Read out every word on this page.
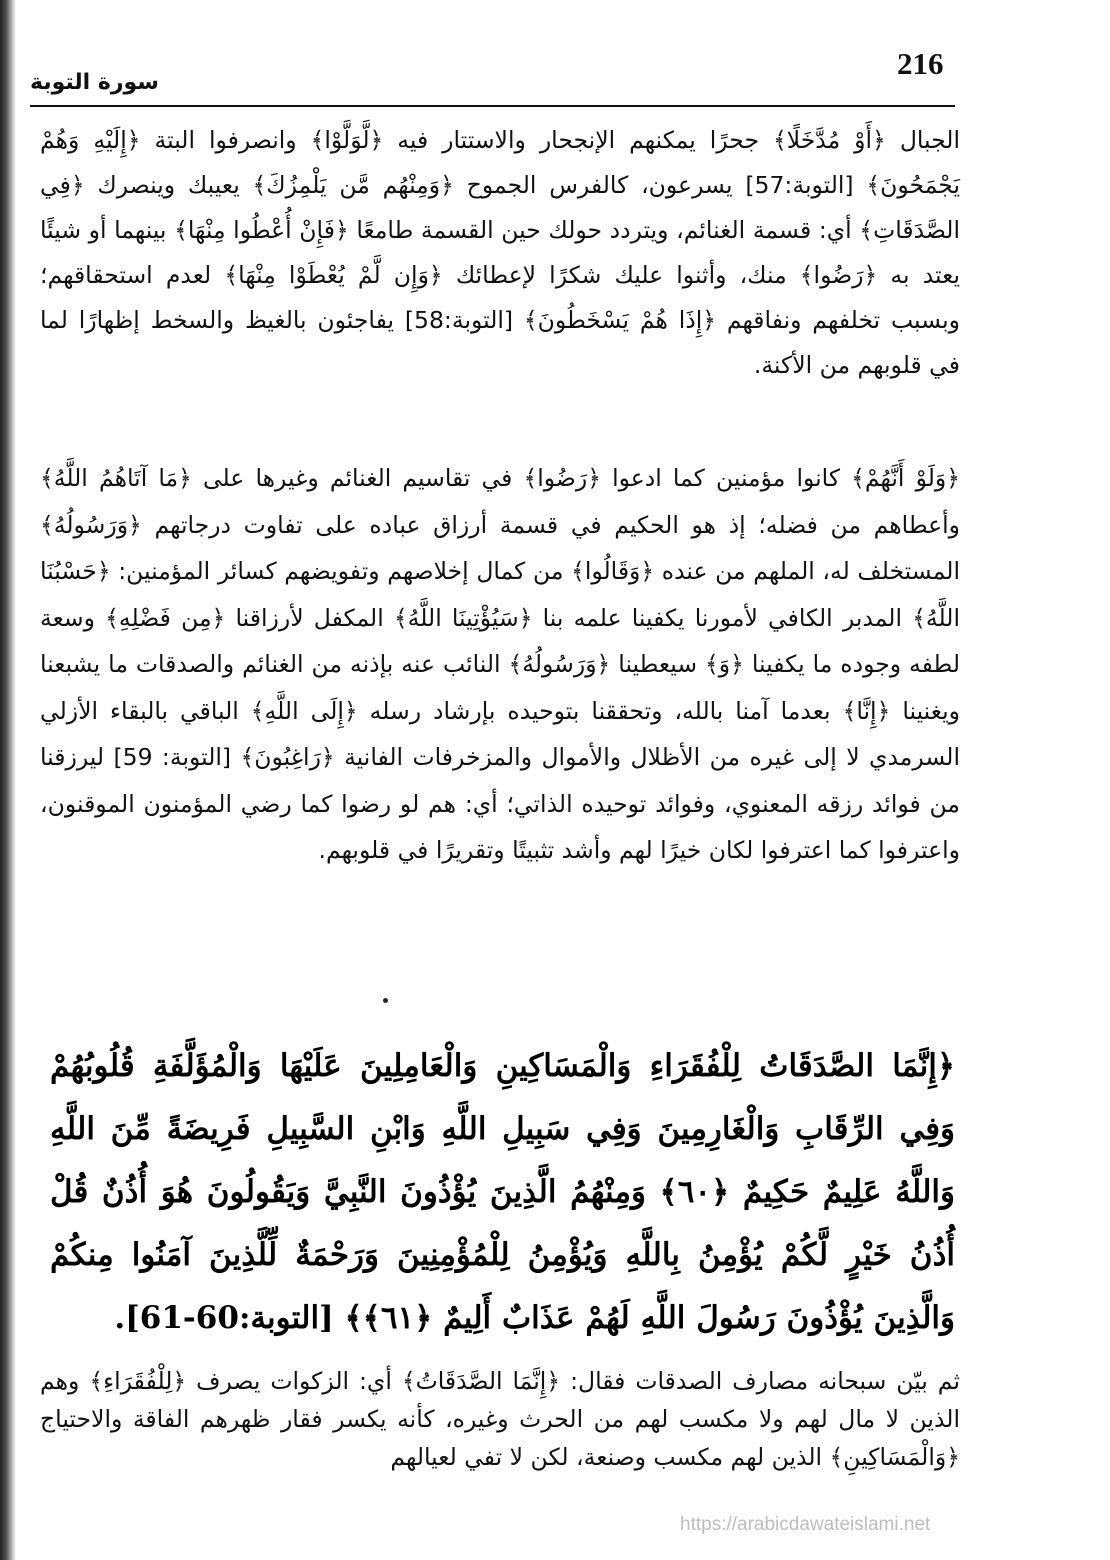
216
سورة التوبة

الجبال ﴿أَوْ مُدَّخَلًا﴾ جحرًا يمكنهم الإنجحار والاستتار فيه ﴿لَّوَلَّوْا﴾ وانصرفوا البتة ﴿إِلَيْهِ وَهُمْ يَجْمَحُونَ﴾ [التوبة:57] يسرعون، كالفرس الجموح ﴿وَمِنْهُم مَّن يَلْمِزُكَ﴾ يعيبك وينصرك ﴿فِي الصَّدَقَاتِ﴾ أي: قسمة الغنائم، ويتردد حولك حين القسمة طامعًا ﴿فَإِنْ أُعْطُوا مِنْهَا﴾ بينهما أو شيئًا يعتد به ﴿رَضُوا﴾ منك، وأثنوا عليك شكرًا لإعطائك ﴿وَإِن لَّمْ يُعْطَوْا مِنْهَا﴾ لعدم استحقاقهم؛ وبسبب تخلفهم ونفاقهم ﴿إِذَا هُمْ يَسْخَطُونَ﴾ [التوبة:58] يفاجئون بالغيظ والسخط إظهارًا لما في قلوبهم من الأكنة.

﴿وَلَوْ أَنَّهُمْ﴾ كانوا مؤمنين كما ادعوا ﴿رَضُوا﴾ في تقاسيم الغنائم وغيرها على ﴿مَا آتَاهُمُ اللَّهُ﴾ وأعطاهم من فضله؛ إذ هو الحكيم في قسمة أرزاق عباده على تفاوت درجاتهم ﴿وَرَسُولُهُ﴾ المستخلف له، الملهم من عنده ﴿وَقَالُوا﴾ من كمال إخلاصهم وتفويضهم كسائر المؤمنين: ﴿حَسْبُنَا اللَّهُ﴾ المدبر الكافي لأمورنا يكفينا علمه بنا ﴿سَيُؤْتِينَا اللَّهُ﴾ المكفل لأرزاقنا ﴿مِن فَضْلِهِ﴾ وسعة لطفه وجوده ما يكفينا ﴿وَ﴾ سيعطينا ﴿وَرَسُولُهُ﴾ النائب عنه بإذنه من الغنائم والصدقات ما يشبعنا ويغنينا ﴿إِنَّا﴾ بعدما آمنا بالله، وتحققنا بتوحيده بإرشاد رسله ﴿إِلَى اللَّهِ﴾ الباقي بالبقاء الأزلي السرمدي لا إلى غيره من الأظلال والأموال والمزخرفات الفانية ﴿رَاغِبُونَ﴾ [التوبة: 59] ليرزقنا من فوائد رزقه المعنوي، وفوائد توحيده الذاتي؛ أي: هم لو رضوا كما رضي المؤمنون الموقنون، واعترفوا كما اعترفوا لكان خيرًا لهم وأشد تثبيتًا وتقريرًا في قلوبهم.

﴿إِنَّمَا الصَّدَقَاتُ لِلْفُقَرَاءِ وَالْمَسَاكِينِ وَالْعَامِلِينَ عَلَيْهَا وَالْمُؤَلَّفَةِ قُلُوبُهُمْ وَفِي الرِّقَابِ وَالْغَارِمِينَ وَفِي سَبِيلِ اللَّهِ وَابْنِ السَّبِيلِ فَرِيضَةً مِّنَ اللَّهِ وَاللَّهُ عَلِيمٌ حَكِيمٌ ﴿٦٠﴾ وَمِنْهُمُ الَّذِينَ يُؤْذُونَ النَّبِيَّ وَيَقُولُونَ هُوَ أُذُنٌ قُلْ أُذُنُ خَيْرٍ لَّكُمْ يُؤْمِنُ بِاللَّهِ وَيُؤْمِنُ لِلْمُؤْمِنِينَ وَرَحْمَةٌ لِّلَّذِينَ آمَنُوا مِنكُمْ وَالَّذِينَ يُؤْذُونَ رَسُولَ اللَّهِ لَهُمْ عَذَابٌ أَلِيمٌ ﴿٦١﴾﴾ [التوبة:60-61].

ثم بيّن سبحانه مصارف الصدقات فقال: ﴿إِنَّمَا الصَّدَقَاتُ﴾ أي: الزكوات يصرف ﴿لِلْفُقَرَاءِ﴾ وهم الذين لا مال لهم ولا مكسب لهم من الحرث وغيره، كأنه يكسر فقار ظهرهم الفاقة والاحتياج ﴿وَالْمَسَاكِينِ﴾ الذين لهم مكسب وصنعة، لكن لا تفي لعيالهم

https://arabicdawateislami.net
